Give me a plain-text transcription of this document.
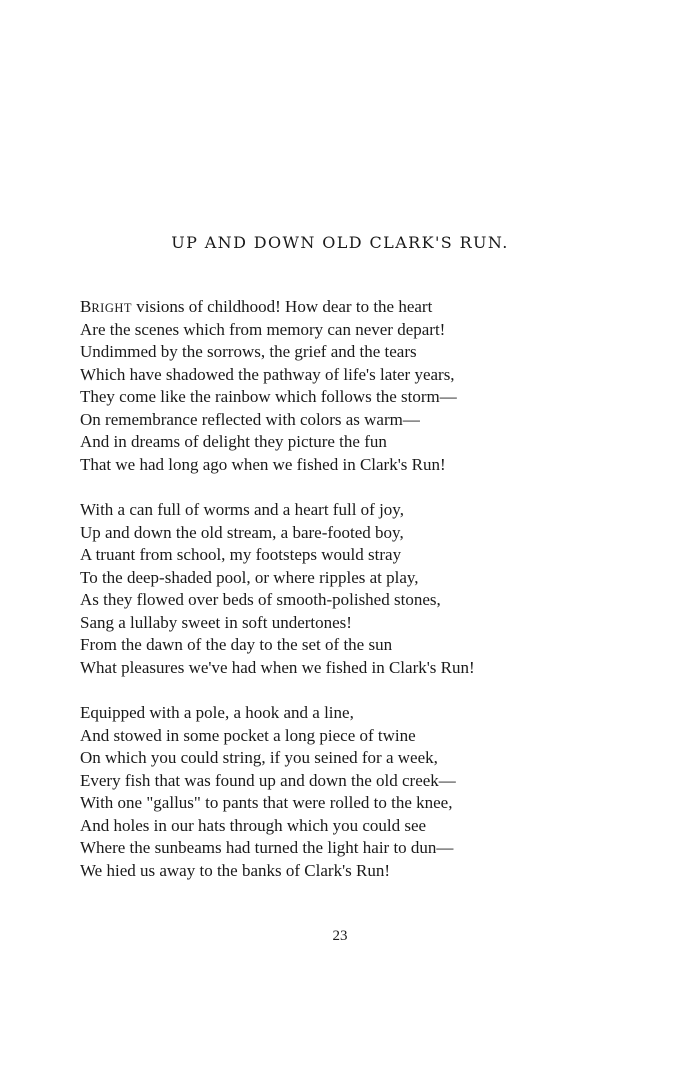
UP AND DOWN OLD CLARK'S RUN.
BRIGHT visions of childhood! How dear to the heart
Are the scenes which from memory can never depart!
Undimmed by the sorrows, the grief and the tears
Which have shadowed the pathway of life's later years,
They come like the rainbow which follows the storm—
On remembrance reflected with colors as warm—
And in dreams of delight they picture the fun
That we had long ago when we fished in Clark's Run!
With a can full of worms and a heart full of joy,
Up and down the old stream, a bare-footed boy,
A truant from school, my footsteps would stray
To the deep-shaded pool, or where ripples at play,
As they flowed over beds of smooth-polished stones,
Sang a lullaby sweet in soft undertones!
From the dawn of the day to the set of the sun
What pleasures we've had when we fished in Clark's Run!
Equipped with a pole, a hook and a line,
And stowed in some pocket a long piece of twine
On which you could string, if you seined for a week,
Every fish that was found up and down the old creek—
With one "gallus" to pants that were rolled to the knee,
And holes in our hats through which you could see
Where the sunbeams had turned the light hair to dun—
We hied us away to the banks of Clark's Run!
23
